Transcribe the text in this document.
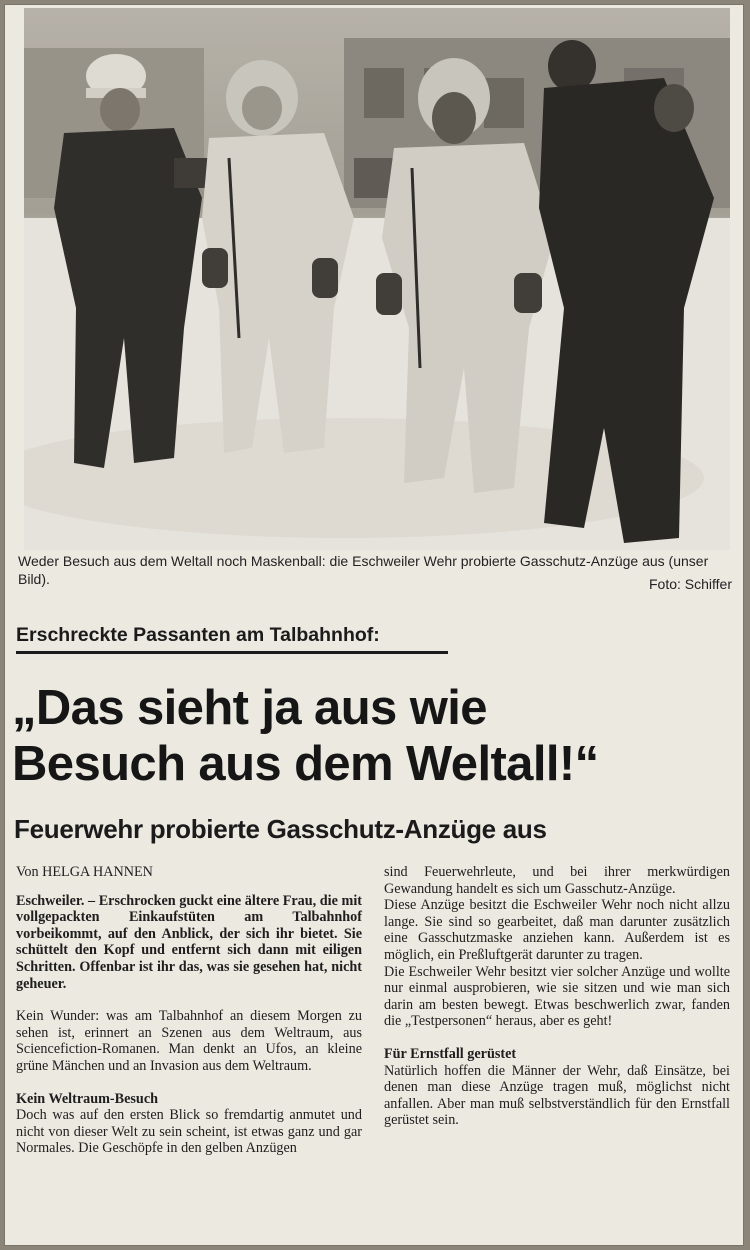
Weder Besuch aus dem Weltall noch Maskenball: die Eschweiler Wehr probierte Gasschutz-Anzüge aus (unser Bild).	Foto: Schiffer
Erschreckte Passanten am Talbahnhof:
„Das sieht ja aus wie
Besuch aus dem Weltall!“
Feuerwehr probierte Gasschutz-Anzüge aus

Von HELGA HANNEN

Eschweiler. – Erschrocken guckt eine ältere Frau, die mit vollgepackten Einkaufstüten am Talbahnhof vorbeikommt, auf den Anblick, der sich ihr bietet. Sie schüttelt den Kopf und entfernt sich dann mit eiligen Schritten. Offenbar ist ihr das, was sie gesehen hat, nicht geheuer.

Kein Wunder: was am Talbahnhof an diesem Morgen zu sehen ist, erinnert an Szenen aus dem Weltraum, aus Sciencefiction-Romanen. Man denkt an Ufos, an kleine grüne Mänchen und an Invasion aus dem Weltraum.

Kein Weltraum-Besuch

Doch was auf den ersten Blick so fremdartig anmutet und nicht von dieser Welt zu sein scheint, ist etwas ganz und gar Normales. Die Geschöpfe in den gelben Anzügen

sind Feuerwehrleute, und bei ihrer merkwürdigen Gewandung handelt es sich um Gasschutz-Anzüge.

Diese Anzüge besitzt die Eschweiler Wehr noch nicht allzu lange. Sie sind so gearbeitet, daß man darunter zusätzlich eine Gasschutzmaske anziehen kann. Außerdem ist es möglich, ein Preßluftgerät darunter zu tragen.

Die Eschweiler Wehr besitzt vier solcher Anzüge und wollte nur einmal ausprobieren, wie sie sitzen und wie man sich darin am besten bewegt. Etwas beschwerlich zwar, fanden die „Testpersonen“ heraus, aber es geht!

Für Ernstfall gerüstet

Natürlich hoffen die Männer der Wehr, daß Einsätze, bei denen man diese Anzüge tragen muß, möglichst nicht anfallen. Aber man muß selbstverständlich für den Ernstfall gerüstet sein.
